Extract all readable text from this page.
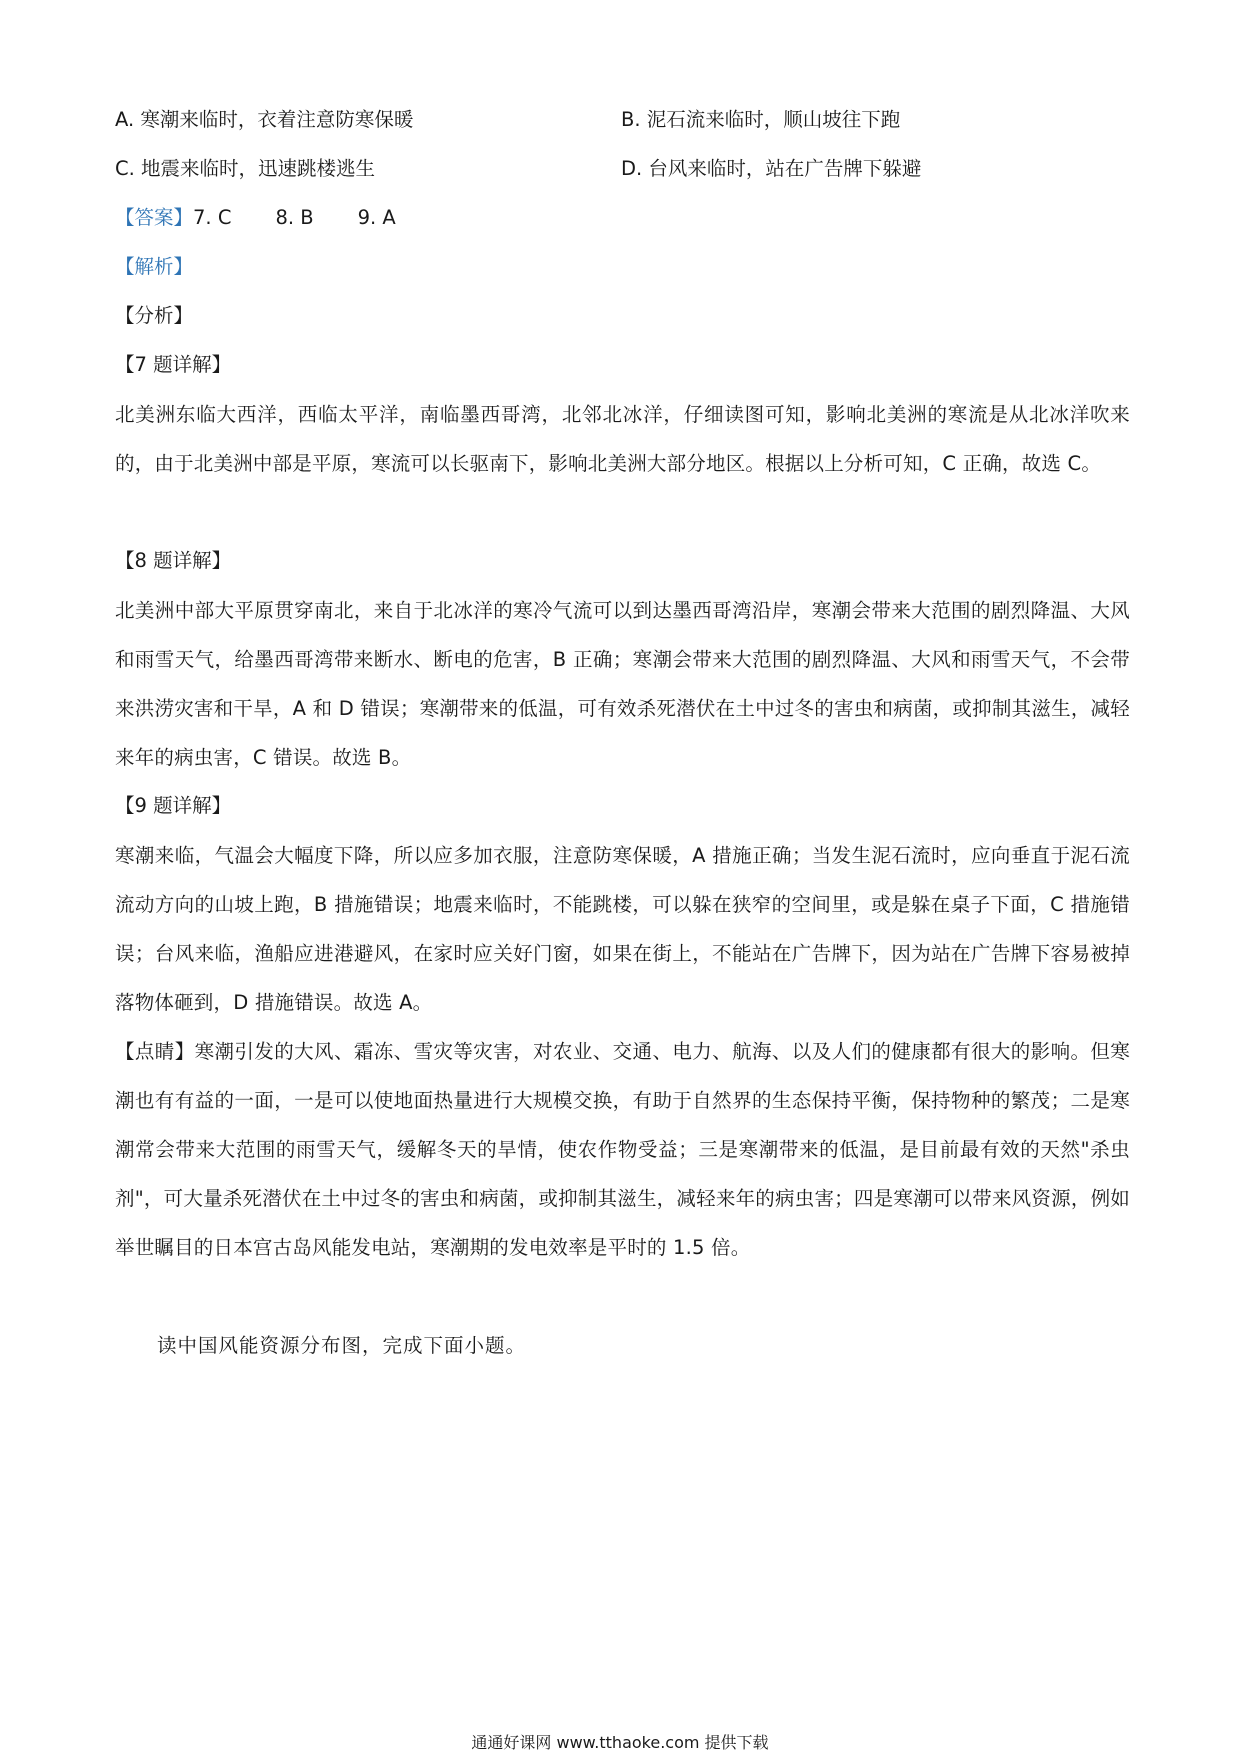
A. 寒潮来临时，衣着注意防寒保暖	B. 泥石流来临时，顺山坡往下跑
C. 地震来临时，迅速跳楼逃生	D. 台风来临时，站在广告牌下躲避
【答案】7. C 8. B 9. A
【解析】
【分析】
【7 题详解】
北美洲东临大西洋，西临太平洋，南临墨西哥湾，北邻北冰洋，仔细读图可知，影响北美洲的寒流是从北冰洋吹来的，由于北美洲中部是平原，寒流可以长驱南下，影响北美洲大部分地区。根据以上分析可知，C 正确，故选 C。
【8 题详解】
北美洲中部大平原贯穿南北，来自于北冰洋的寒冷气流可以到达墨西哥湾沿岸，寒潮会带来大范围的剧烈降温、大风和雨雪天气，给墨西哥湾带来断水、断电的危害，B 正确；寒潮会带来大范围的剧烈降温、大风和雨雪天气，不会带来洪涝灾害和干旱，A 和 D 错误；寒潮带来的低温，可有效杀死潜伏在土中过冬的害虫和病菌，或抑制其滋生，减轻来年的病虫害，C 错误。故选 B。
【9 题详解】
寒潮来临，气温会大幅度下降，所以应多加衣服，注意防寒保暖，A 措施正确；当发生泥石流时，应向垂直于泥石流流动方向的山坡上跑，B 措施错误；地震来临时，不能跳楼，可以躲在狭窄的空间里，或是躲在桌子下面，C 措施错误；台风来临，渔船应进港避风，在家时应关好门窗，如果在街上，不能站在广告牌下，因为站在广告牌下容易被掉落物体砸到，D 措施错误。故选 A。
【点睛】寒潮引发的大风、霜冻、雪灾等灾害，对农业、交通、电力、航海、以及人们的健康都有很大的影响。但寒潮也有有益的一面，一是可以使地面热量进行大规模交换，有助于自然界的生态保持平衡，保持物种的繁茂；二是寒潮常会带来大范围的雨雪天气，缓解冬天的旱情，使农作物受益；三是寒潮带来的低温，是目前最有效的天然"杀虫剂"，可大量杀死潜伏在土中过冬的害虫和病菌，或抑制其滋生，减轻来年的病虫害；四是寒潮可以带来风资源，例如举世瞩目的日本宫古岛风能发电站，寒潮期的发电效率是平时的 1.5 倍。
读中国风能资源分布图，完成下面小题。
通通好课网 www.tthaoke.com 提供下载
